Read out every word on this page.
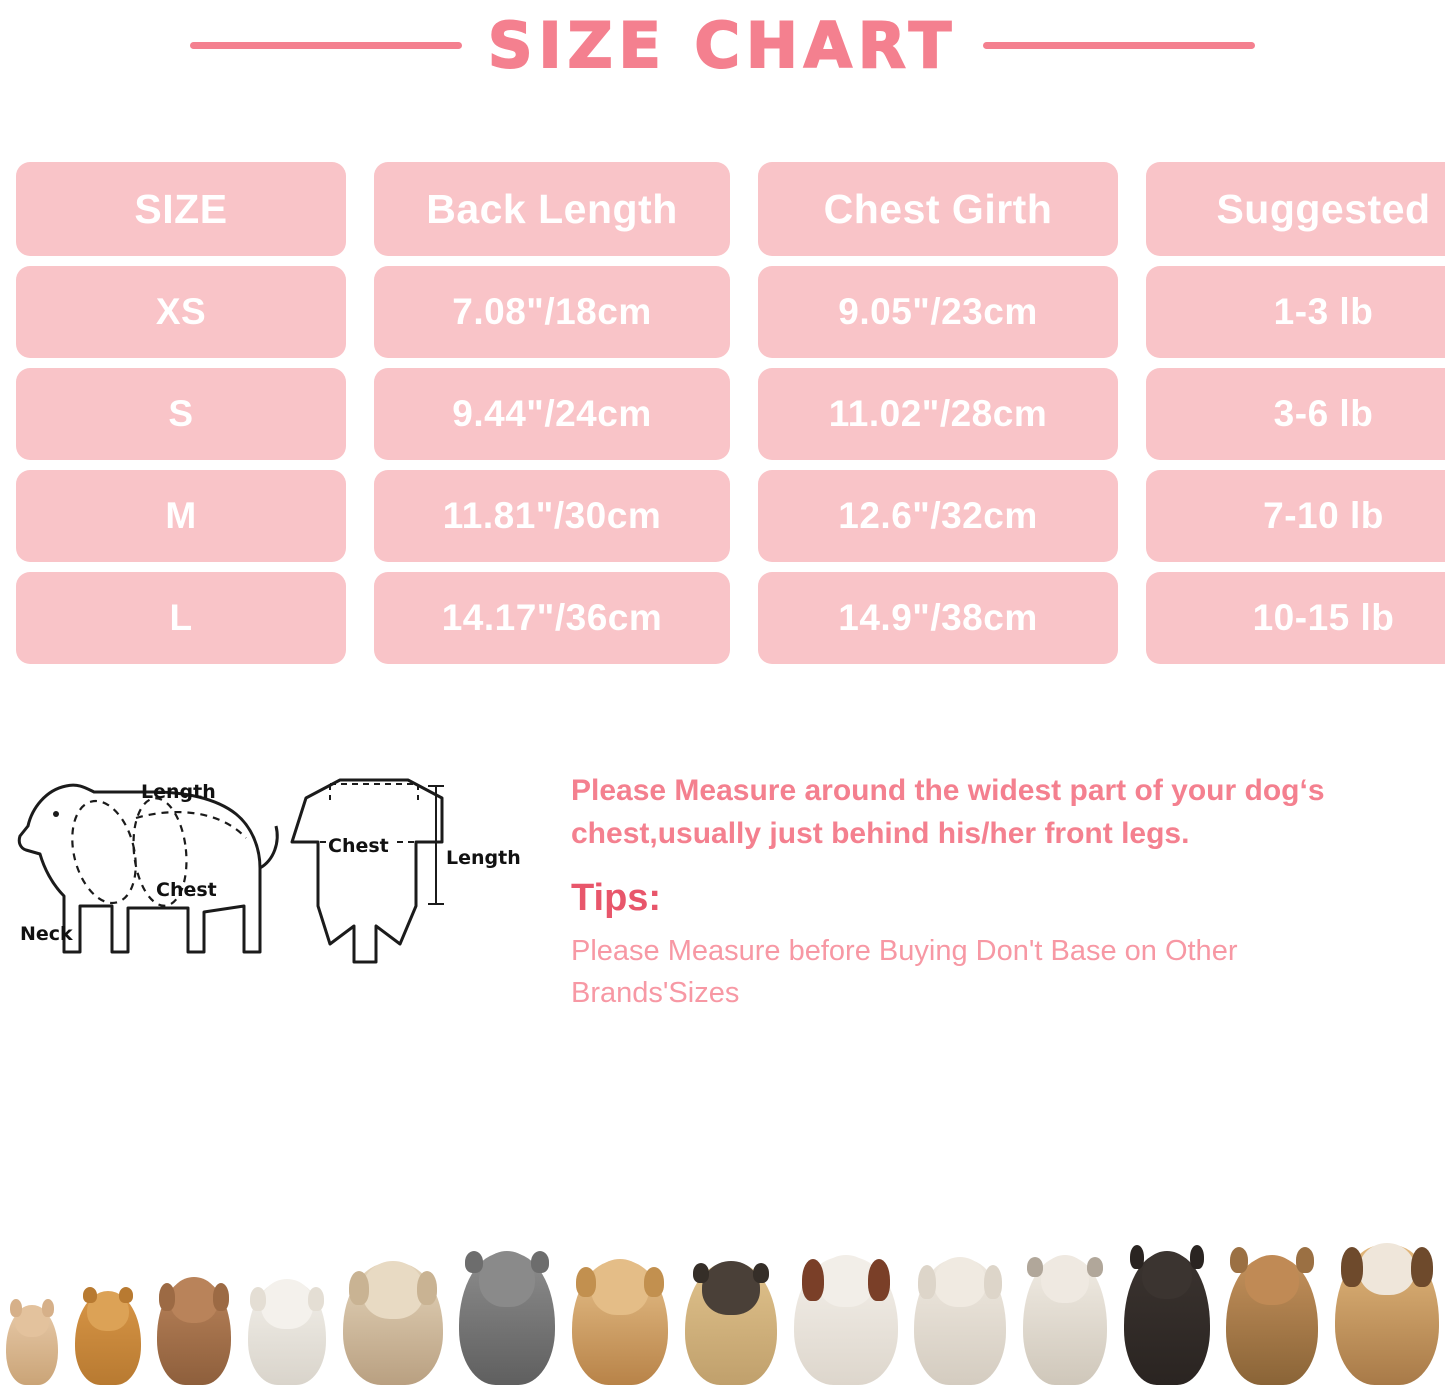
SIZE CHART
SIZE	Back Length	Chest Girth	Suggested
XS	7.08"/18cm	9.05"/23cm	1-3 lb
S	9.44"/24cm	11.02"/28cm	3-6 lb
M	11.81"/30cm	12.6"/32cm	7-10 lb
L	14.17"/36cm	14.9"/38cm	10-15 lb
Length
Chest
Neck
Chest
Length
Please Measure around the widest part of your dog‘s chest,usually just behind his/her front legs.
Tips:
Please Measure before Buying Don't Base on Other Brands'Sizes
